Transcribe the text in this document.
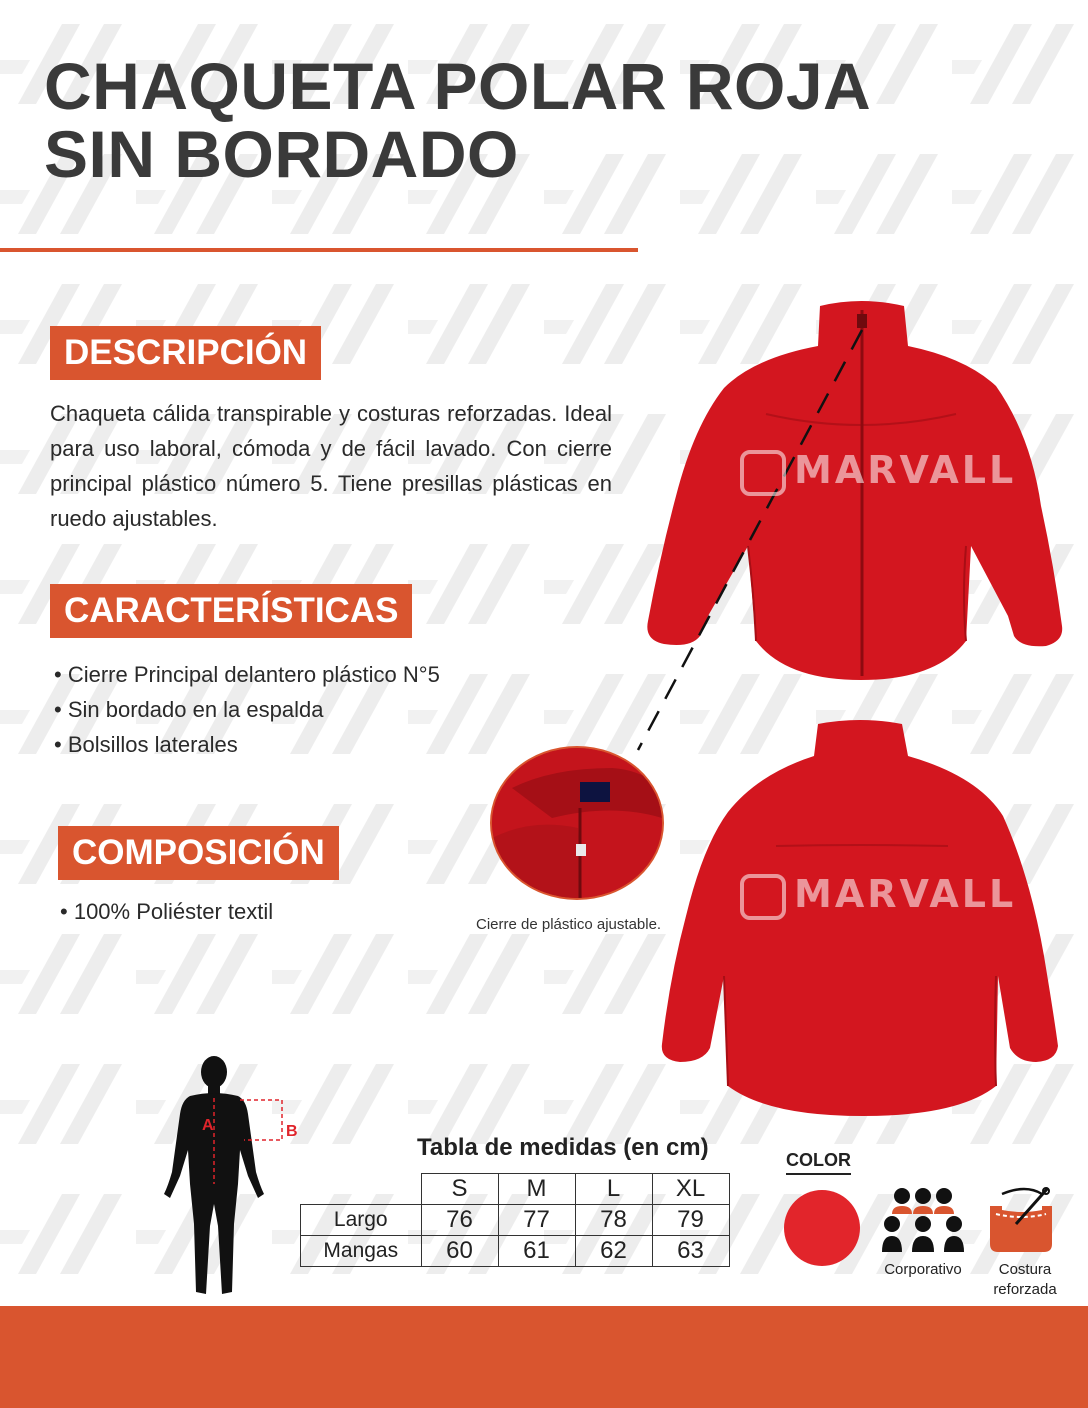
CHAQUETA POLAR ROJA
SIN BORDADO
DESCRIPCIÓN
Chaqueta cálida transpirable y costuras reforzadas. Ideal para uso laboral, cómoda y de fácil lavado. Con cierre principal plástico número 5. Tiene presillas plásticas en ruedo ajustables.
CARACTERÍSTICAS
• Cierre Principal delantero plástico N°5
• Sin bordado en la espalda
• Bolsillos laterales
COMPOSICIÓN
• 100% Poliéster textil
MARVALL
MARVALL
Cierre de plástico ajustable.
A	B
Tabla de medidas (en cm)
	S	M	L	XL
Largo	76	77	78	79
Mangas	60	61	62	63
COLOR
Corporativo	Costura
reforzada
